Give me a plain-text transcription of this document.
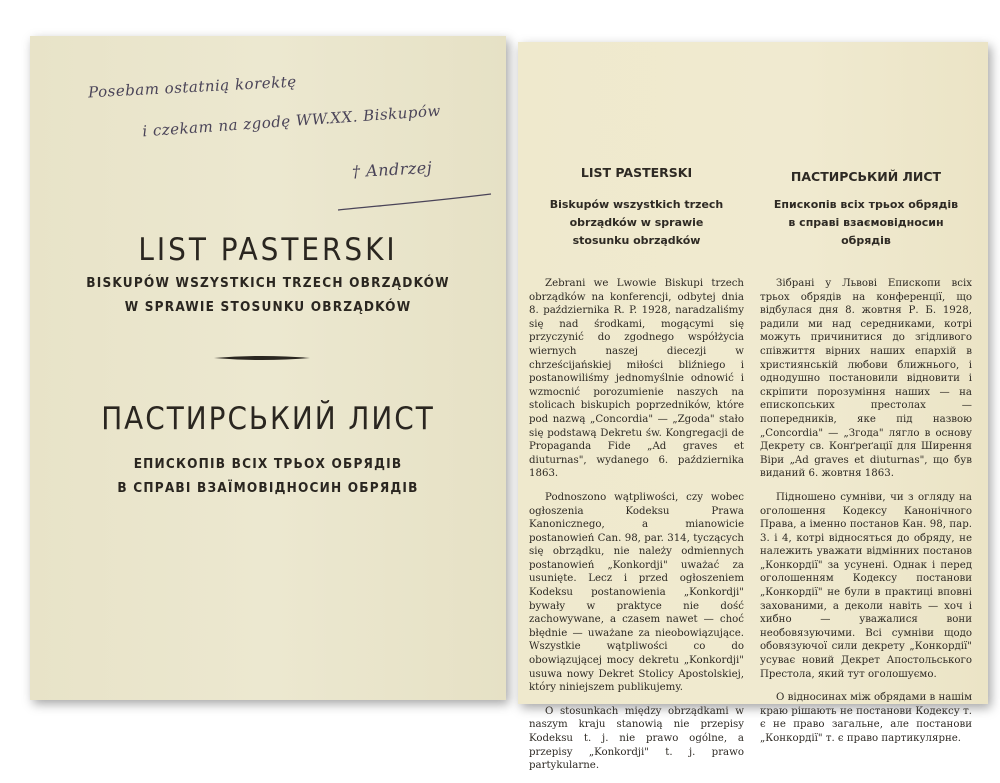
Posebam ostatnią korektę
i czekam na zgodę WW.XX. Biskupów
† Andrzej
LIST PASTERSKI
BISKUPÓW WSZYSTKICH TRZECH OBRZĄDKÓW
W SPRAWIE STOSUNKU OBRZĄDKÓW
ПАСТИРСЬКИЙ ЛИСТ
ЕПИСКОПІВ ВСІХ ТРЬОХ ОБРЯДІВ
В СПРАВІ ВЗАЇМОВІДНОСИН ОБРЯДІВ
LIST PASTERSKI
Biskupów wszystkich trzech obrządków w sprawie stosunku obrządków

Zebrani we Lwowie Biskupi trzech obrządków na konferencji, odbytej dnia 8. października R. P. 1928, naradzaliśmy się nad środkami, mogącymi się przyczynić do zgodnego współżycia wiernych naszej diecezji w chrześcijańskiej miłości bliźniego i postanowiliśmy jednomyślnie odnowić i wzmocnić porozumienie naszych na stolicach biskupich poprzedników, które pod nazwą „Concordia" — „Zgoda" stało się podstawą Dekretu św. Kongregacji de Propaganda Fide „Ad graves et diuturnas", wydanego 6. października 1863.

Podnoszono wątpliwości, czy wobec ogłoszenia Kodeksu Prawa Kanonicznego, a mianowicie postanowień Can. 98, par. 314, tyczących się obrządku, nie należy odmiennych postanowień „Konkordji" uważać za usunięte. Lecz i przed ogłoszeniem Kodeksu postanowienia „Konkordji" bywały w praktyce nie dość zachowywane, a czasem nawet — choć błędnie — uważane za nieobowiązujące. Wszystkie wątpliwości co do obowiązującej mocy dekretu „Konkordji" usuwa nowy Dekret Stolicy Apostolskiej, który niniejszem publikujemy.

O stosunkach między obrządkami w naszym kraju stanowią nie przepisy Kodeksu t. j. nie prawo ogólne, a przepisy „Konkordji" t. j. prawo partykularne.

ПАСТИРСЬКИЙ ЛИСТ
Епископів всіх трьох обрядів в справі взаємовідносин обрядів

Зібрані у Львові Епископи всіх трьох обрядів на конференції, що відбулася дня 8. жовтня Р. Б. 1928, радили ми над середниками, котрі можуть причинитися до згідливого співжиття вірних наших епархій в християнській любови ближнього, і однодушно постановили відновити і скріпити порозуміння наших — на епископських престолах — попередників, яке під назвою „Concordia" — „Згода" лягло в основу Декрету св. Конґреґації для Ширення Віри „Ad graves et diuturnas", що був виданий 6. жовтня 1863.

Підношено сумніви, чи з огляду на оголошення Кодексу Канонічного Права, а іменно постанов Кан. 98, пар. 3. і 4, котрі відносяться до обряду, не належить уважати відмінних постанов „Конкордії" за усунені. Однак і перед оголошенням Кодексу постанови „Конкордії" не були в практиці вповні захованими, а деколи навіть — хоч і хибно — уважалися вони необовязуючими. Всі сумніви щодо обовязуючої сили декрету „Конкордії" усуває новий Декрет Апостольського Престола, який тут оголошуємо.

О відносинах між обрядами в нашім краю рішають не постанови Кодексу т. є не право загальне, але постанови „Конкордії" т. є право партикулярне.
